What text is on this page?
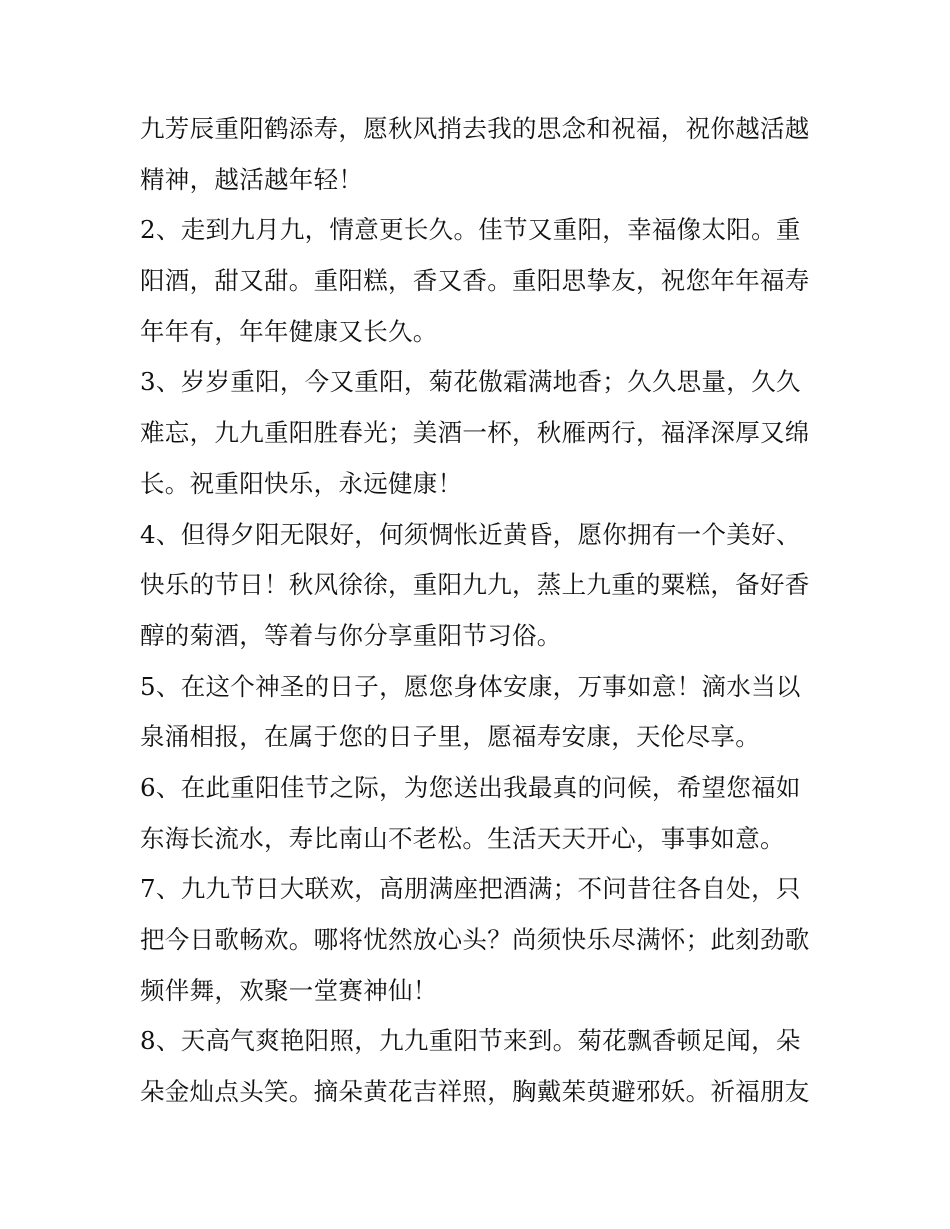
九芳辰重阳鹤添寿，愿秋风捎去我的思念和祝福，祝你越活越
精神，越活越年轻！
2、走到九月九，情意更长久。佳节又重阳，幸福像太阳。重
阳酒，甜又甜。重阳糕，香又香。重阳思挚友，祝您年年福寿
年年有，年年健康又长久。
3、岁岁重阳，今又重阳，菊花傲霜满地香；久久思量，久久
难忘，九九重阳胜春光；美酒一杯，秋雁两行，福泽深厚又绵
长。祝重阳快乐，永远健康！
4、但得夕阳无限好，何须惆怅近黄昏，愿你拥有一个美好、
快乐的节日！秋风徐徐，重阳九九，蒸上九重的粟糕，备好香
醇的菊酒，等着与你分享重阳节习俗。
5、在这个神圣的日子，愿您身体安康，万事如意！滴水当以
泉涌相报，在属于您的日子里，愿福寿安康，天伦尽享。
6、在此重阳佳节之际，为您送出我最真的问候，希望您福如
东海长流水，寿比南山不老松。生活天天开心，事事如意。
7、九九节日大联欢，高朋满座把酒满；不问昔往各自处，只
把今日歌畅欢。哪将忧然放心头？尚须快乐尽满怀；此刻劲歌
频伴舞，欢聚一堂赛神仙！
8、天高气爽艳阳照，九九重阳节来到。菊花飘香顿足闻，朵
朵金灿点头笑。摘朵黄花吉祥照，胸戴茱萸避邪妖。祈福朋友
